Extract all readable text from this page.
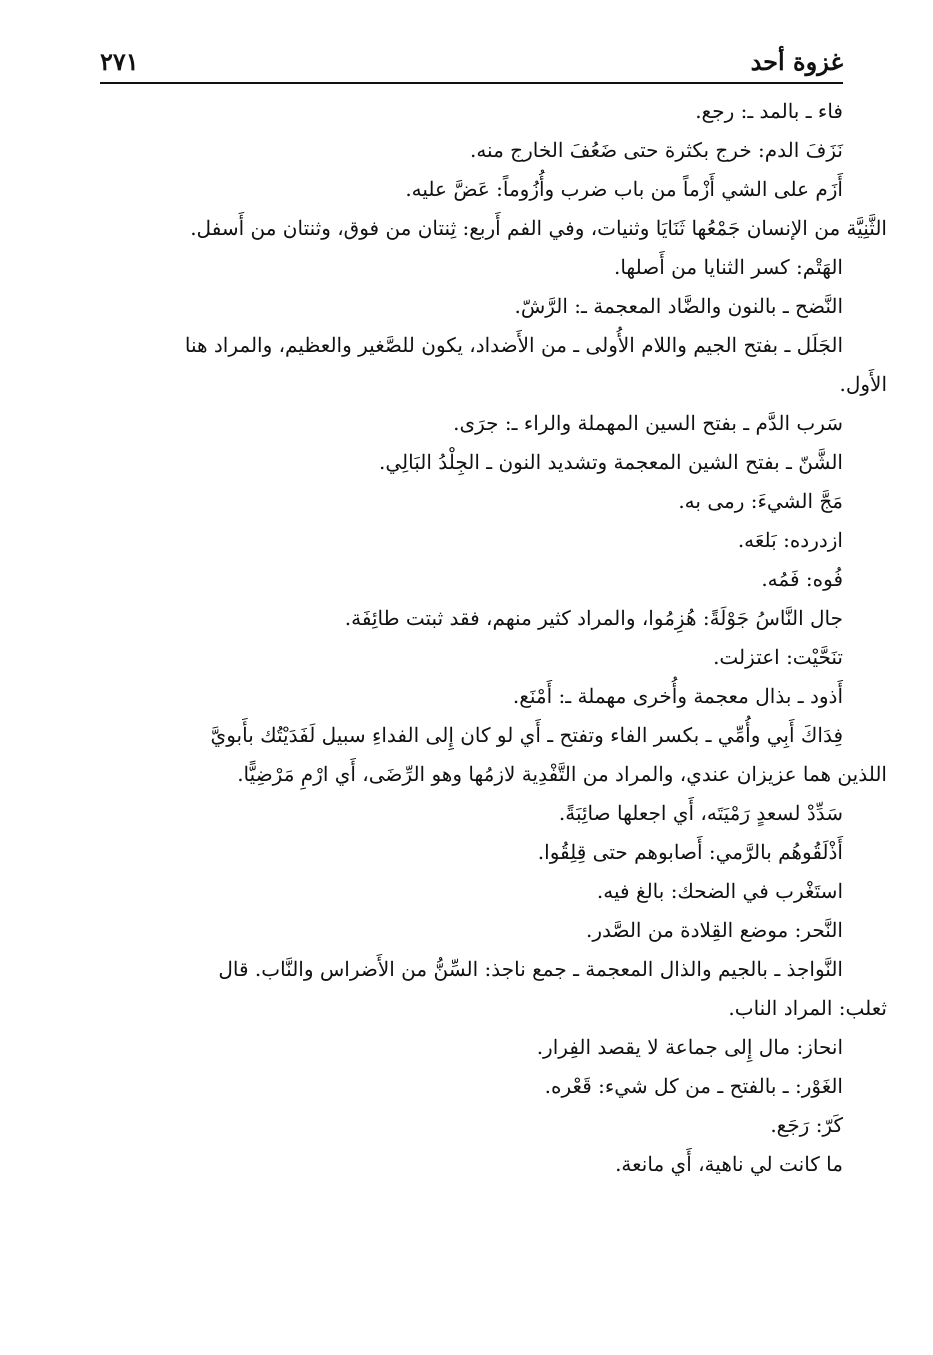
غزوة أحد
٢٧١

فاء ـ بالمد ـ: رجع.

نَزَفَ الدم: خرج بكثرة حتى ضَعُفَ الخارج منه.

أَزَم على الشي أَزْماً من باب ضرب وأُزُوماً: عَضَّ عليه.

الثَّنِيَّة من الإنسان جَمْعُها ثَنَايَا وثنيات، وفي الفم أَربع: ثِنتان من فوق، وثنتان من أَسفل.

الهَتْم: كسر الثنايا من أَصلها.

النَّضح ـ بالنون والضَّاد المعجمة ـ: الرَّشّ.

الجَلَل ـ بفتح الجيم واللام الأُولى ـ من الأَضداد، يكون للصَّغير والعظيم، والمراد هنا

الأَول.

سَرب الدَّم ـ بفتح السين المهملة والراء ـ: جرَى.

الشَّنّ ـ بفتح الشين المعجمة وتشديد النون ـ الجِلْدُ البَالِي.

مَجَّ الشيءَ: رمى به.

ازدرده: بَلعَه.

فُوه: فَمُه.

جال النَّاسُ جَوْلَةً: هُزِمُوا، والمراد كثير منهم، فقد ثبتت طائِفَة.

تنَحَّيْت: اعتزلت.

أَذود ـ بذال معجمة وأُخرى مهملة ـ: أَمْنَع.

فِدَاكَ أَبِي وأُمِّي ـ بكسر الفاء وتفتح ـ أَي لو كان إِلى الفداءِ سبيل لَفَدَيْتُك بأَبويَّ

اللذين هما عزيزان عندي، والمراد من التَّفْدِية لازمُها وهو الرِّضَى، أَي ارْمِ مَرْضِيًّا.

سَدِّدْ لسعدٍ رَمْيَتَه، أَي اجعلها صائِبَةً.

أَذْلَقُوهُم بالرَّمي: أَصابوهم حتى قِلِقُوا.

استَغْرب في الضحك: بالغ فيه.

النَّحر: موضع القِلادة من الصَّدر.

النَّواجذ ـ بالجيم والذال المعجمة ـ جمع ناجذ: السِّنُّ من الأَضراس والنَّاب. قال

ثعلب: المراد الناب.

انحاز: مال إِلى جماعة لا يقصد الفِرار.

الغَوْر: ـ بالفتح ـ من كل شيء: قَعْره.

كَرّ: رَجَع.

ما كانت لي ناهية، أَي مانعة.
